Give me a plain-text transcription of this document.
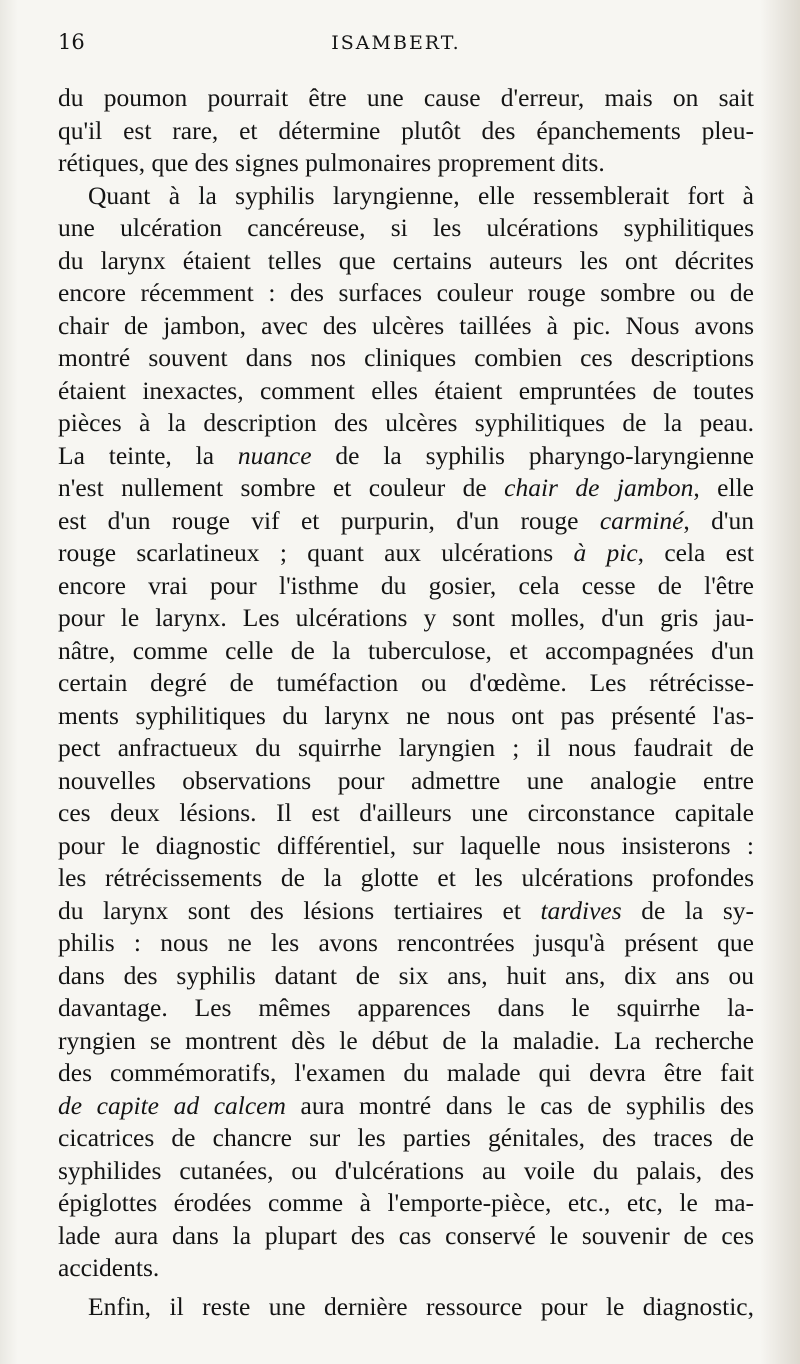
16	ISAMBERT.
du poumon pourrait être une cause d'erreur, mais on sait
qu'il est rare, et détermine plutôt des épanchements pleu-
rétiques, que des signes pulmonaires proprement dits.
Quant à la syphilis laryngienne, elle ressemblerait fort à
une ulcération cancéreuse, si les ulcérations syphilitiques
du larynx étaient telles que certains auteurs les ont décrites
encore récemment : des surfaces couleur rouge sombre ou de
chair de jambon, avec des ulcères taillées à pic. Nous avons
montré souvent dans nos cliniques combien ces descriptions
étaient inexactes, comment elles étaient empruntées de toutes
pièces à la description des ulcères syphilitiques de la peau.
La teinte, la nuance de la syphilis pharyngo-laryngienne
n'est nullement sombre et couleur de chair de jambon, elle
est d'un rouge vif et purpurin, d'un rouge carminé, d'un
rouge scarlatineux ; quant aux ulcérations à pic, cela est
encore vrai pour l'isthme du gosier, cela cesse de l'être
pour le larynx. Les ulcérations y sont molles, d'un gris jau-
nâtre, comme celle de la tuberculose, et accompagnées d'un
certain degré de tuméfaction ou d'œdème. Les rétrécisse-
ments syphilitiques du larynx ne nous ont pas présenté l'as-
pect anfractueux du squirrhe laryngien ; il nous faudrait de
nouvelles observations pour admettre une analogie entre
ces deux lésions. Il est d'ailleurs une circonstance capitale
pour le diagnostic différentiel, sur laquelle nous insisterons :
les rétrécissements de la glotte et les ulcérations profondes
du larynx sont des lésions tertiaires et tardives de la sy-
philis : nous ne les avons rencontrées jusqu'à présent que
dans des syphilis datant de six ans, huit ans, dix ans ou
davantage. Les mêmes apparences dans le squirrhe la-
ryngien se montrent dès le début de la maladie. La recherche
des commémoratifs, l'examen du malade qui devra être fait
de capite ad calcem aura montré dans le cas de syphilis des
cicatrices de chancre sur les parties génitales, des traces de
syphilides cutanées, ou d'ulcérations au voile du palais, des
épiglottes érodées comme à l'emporte-pièce, etc., etc, le ma-
lade aura dans la plupart des cas conservé le souvenir de ces
accidents.
Enfin, il reste une dernière ressource pour le diagnostic,
